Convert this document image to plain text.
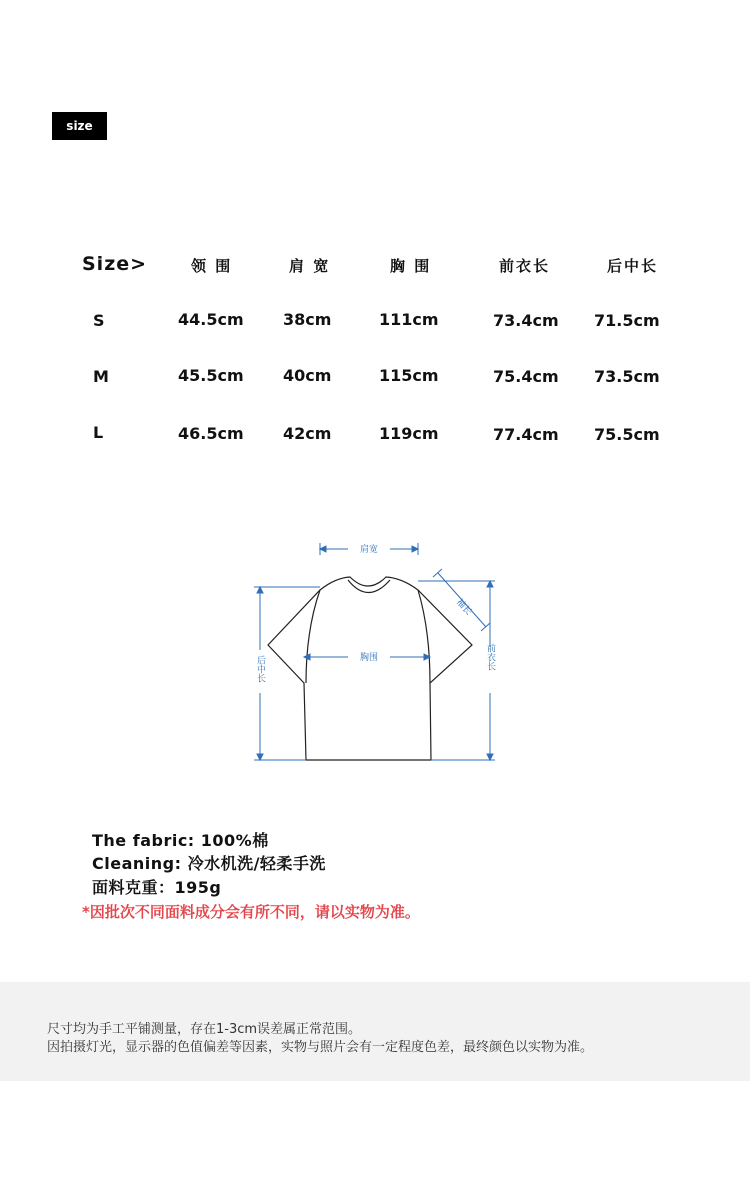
size
Size>	领 围	肩 宽	胸 围	前衣长	后中长
S	44.5cm 38cm	111cm	73.4cm 71.5cm
M	45.5cm 40cm	115cm	75.4cm 73.5cm
L	46.5cm 42cm	119cm	77.4cm 75.5cm
肩宽
胸围
袖长
后中长	前衣长
The fabric: 100%棉
Cleaning: 冷水机洗/轻柔手洗
面料克重：195g
*因批次不同面料成分会有所不同，请以实物为准。
尺寸均为手工平铺测量，存在1-3cm误差属正常范围。
因拍摄灯光，显示器的色值偏差等因素，实物与照片会有一定程度色差，最终颜色以实物为准。
